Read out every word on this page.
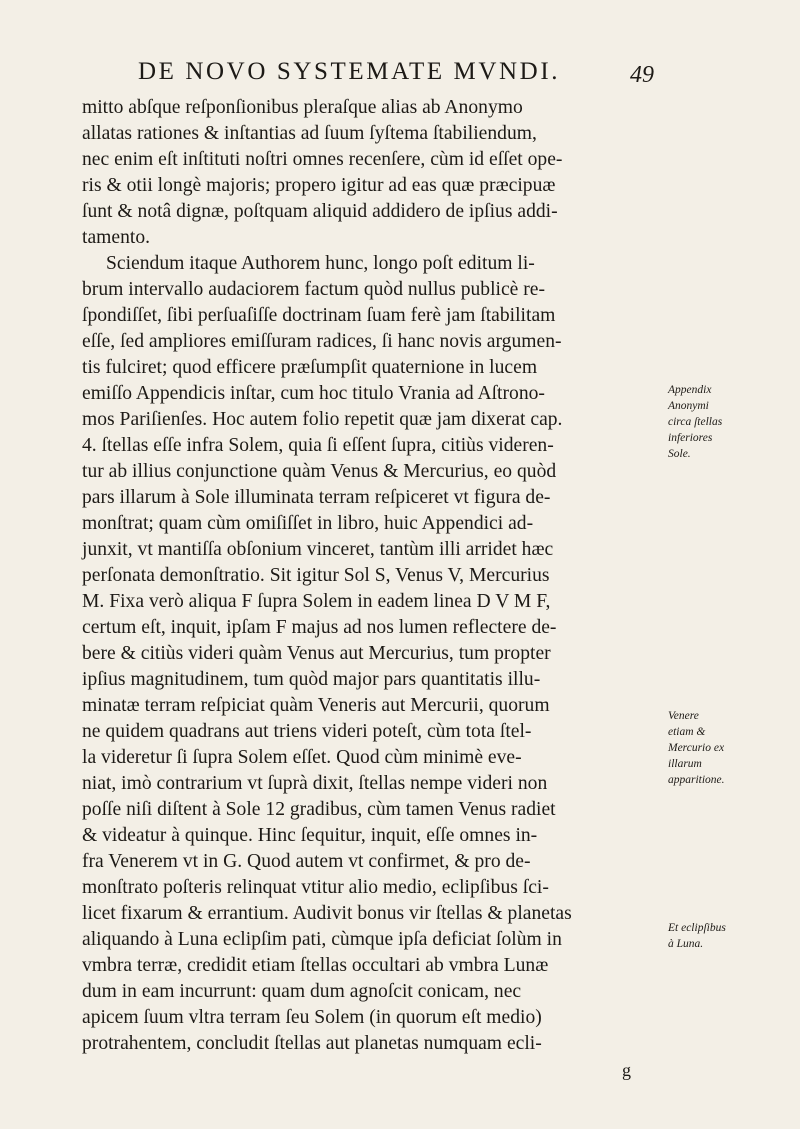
DE NOVO SYSTEMATE MVNDI.	49
mitto abſque reſponſionibus pleraſque alias ab Anonymo
allatas rationes & inſtantias ad ſuum ſyſtema ſtabiliendum,
nec enim eſt inſtituti noſtri omnes recenſere, cùm id eſſet ope-
ris & otii longè majoris; propero igitur ad eas quæ præcipuæ
ſunt & notâ dignæ, poſtquam aliquid addidero de ipſius addi-
tamento.
Sciendum itaque Authorem hunc, longo poſt editum li-
brum intervallo audaciorem factum quòd nullus publicè re-
ſpondiſſet, ſibi perſuaſiſſe doctrinam ſuam ferè jam ſtabilitam
eſſe, ſed ampliores emiſſuram radices, ſi hanc novis argumen-
tis fulciret; quod efficere præſumpſit quaternione in lucem
emiſſo Appendicis inſtar, cum hoc titulo Vrania ad Aſtrono-
mos Pariſienſes. Hoc autem folio repetit quæ jam dixerat cap.
4. ſtellas eſſe infra Solem, quia ſi eſſent ſupra, citiùs videren-
tur ab illius conjunctione quàm Venus & Mercurius, eo quòd
pars illarum à Sole illuminata terram reſpiceret vt figura de-
monſtrat; quam cùm omiſiſſet in libro, huic Appendici ad-
junxit, vt mantiſſa obſonium vinceret, tantùm illi arridet hæc
perſonata demonſtratio. Sit igitur Sol S, Venus V, Mercurius
M. Fixa verò aliqua F ſupra Solem in eadem linea D V M F,
certum eſt, inquit, ipſam F majus ad nos lumen reflectere de-
bere & citiùs videri quàm Venus aut Mercurius, tum propter
ipſius magnitudinem, tum quòd major pars quantitatis illu-
minatæ terram reſpiciat quàm Veneris aut Mercurii, quorum
ne quidem quadrans aut triens videri poteſt, cùm tota ſtel-
la videretur ſi ſupra Solem eſſet. Quod cùm minimè eve-
niat, imò contrarium vt ſuprà dixit, ſtellas nempe videri non
poſſe niſi diſtent à Sole 12 gradibus, cùm tamen Venus radiet
& videatur à quinque. Hinc ſequitur, inquit, eſſe omnes in-
fra Venerem vt in G. Quod autem vt confirmet, & pro de-
monſtrato poſteris relinquat vtitur alio medio, eclipſibus ſci-
licet fixarum & errantium. Audivit bonus vir ſtellas & planetas
aliquando à Luna eclipſim pati, cùmque ipſa deficiat ſolùm in
vmbra terræ, credidit etiam ſtellas occultari ab vmbra Lunæ
dum in eam incurrunt: quam dum agnoſcit conicam, nec
apicem ſuum vltra terram ſeu Solem (in quorum eſt medio)
protrahentem, concludit ſtellas aut planetas numquam ecli-
Appendix
Anonymi
circa ſtellas
inferiores
Sole.
Venere
etiam &
Mercurio ex
illarum
apparitione.
Et eclipſibus
à Luna.
g
